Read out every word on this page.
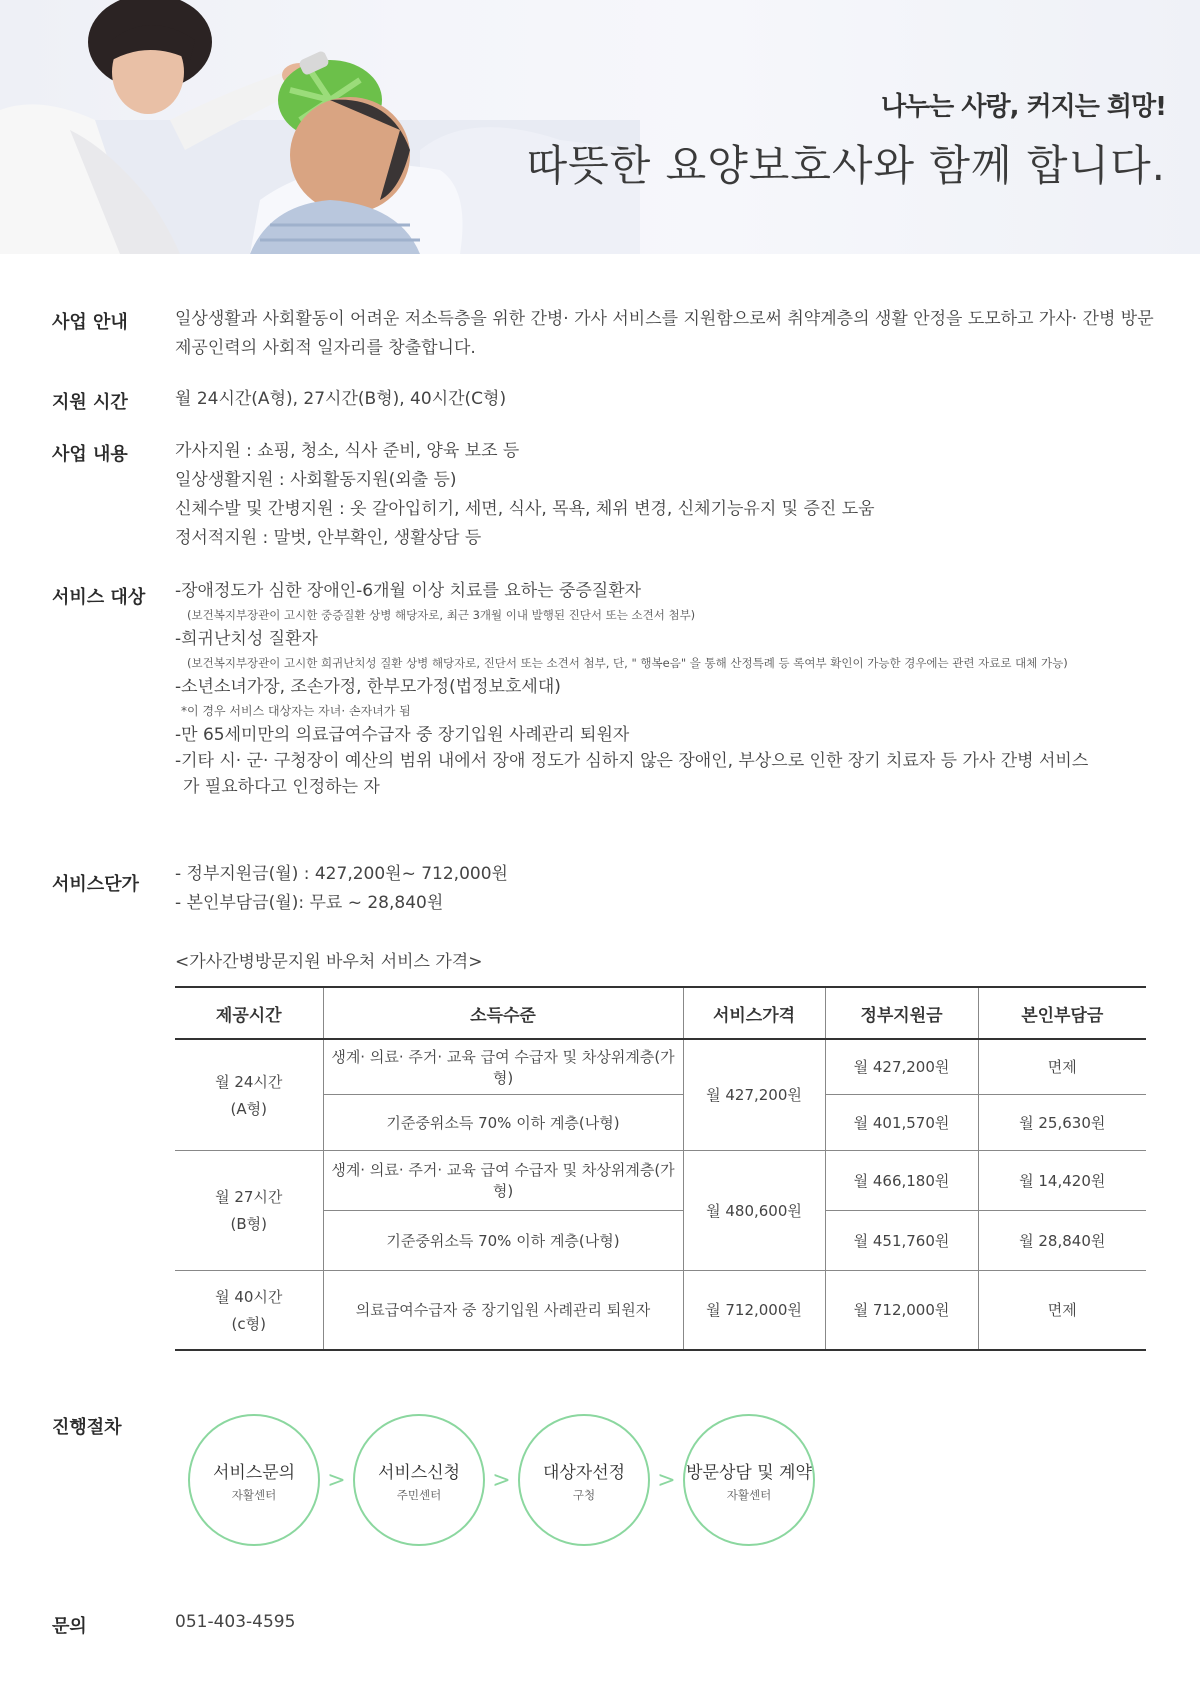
나누는 사랑, 커지는 희망!
따뜻한 요양보호사와 함께 합니다.
사업 안내	일상생활과 사회활동이 어려운 저소득층을 위한 간병· 가사 서비스를 지원함으로써 취약계층의 생활 안정을 도모하고 가사· 간병 방문
제공인력의 사회적 일자리를 창출합니다.
지원 시간	월 24시간(A형), 27시간(B형), 40시간(C형)
사업 내용	가사지원 : 쇼핑, 청소, 식사 준비, 양육 보조 등
일상생활지원 : 사회활동지원(외출 등)
신체수발 및 간병지원 : 옷 갈아입히기, 세면, 식사, 목욕, 체위 변경, 신체기능유지 및 증진 도움
정서적지원 : 말벗, 안부확인, 생활상담 등
서비스 대상 -장애정도가 심한 장애인-6개월 이상 치료를 요하는 중증질환자
(보건복지부장관이 고시한 중증질환 상병 해당자로, 최근 3개월 이내 발행된 진단서 또는 소견서 첨부)
-희귀난치성 질환자
(보건복지부장관이 고시한 희귀난치성 질환 상병 해당자로, 진단서 또는 소견서 첨부, 단, " 행복e음" 을 통해 산정특례 등 록여부 확인이 가능한 경우에는 관련 자료로 대체 가능)
-소년소녀가장, 조손가정, 한부모가정(법정보호세대)
*이 경우 서비스 대상자는 자녀· 손자녀가 됨
-만 65세미만의 의료급여수급자 중 장기입원 사례관리 퇴원자
-기타 시· 군· 구청장이 예산의 범위 내에서 장애 정도가 심하지 않은 장애인, 부상으로 인한 장기 치료자 등 가사 간병 서비스
가 필요하다고 인정하는 자
서비스단가 - 정부지원금(월) : 427,200원~ 712,000원
- 본인부담금(월): 무료 ~ 28,840원
<가사간병방문지원 바우처 서비스 가격>
제공시간	소득수준	서비스가격	정부지원금	본인부담금

월 24시간
(A형)	생계· 의료· 주거· 교육 급여 수급자 및 차상위계층(가형)	월 427,200원	월 427,200원	면제
	기준중위소득 70% 이하 계층(나형)		월 401,570원	월 25,630원

월 27시간
(B형)	생계· 의료· 주거· 교육 급여 수급자 및 차상위계층(가형)	월 480,600원	월 466,180원	월 14,420원
	기준중위소득 70% 이하 계층(나형)		월 451,760원	월 28,840원

월 40시간
(c형)	의료급여수급자 중 장기입원 사례관리 퇴원자	월 712,000원	월 712,000원	면제
진행절차
서비스문의
자활센터
>	서비스신청
주민센터
>	대상자선정
구청
> 방문상담 및 계약
자활센터
문의	051-403-4595
